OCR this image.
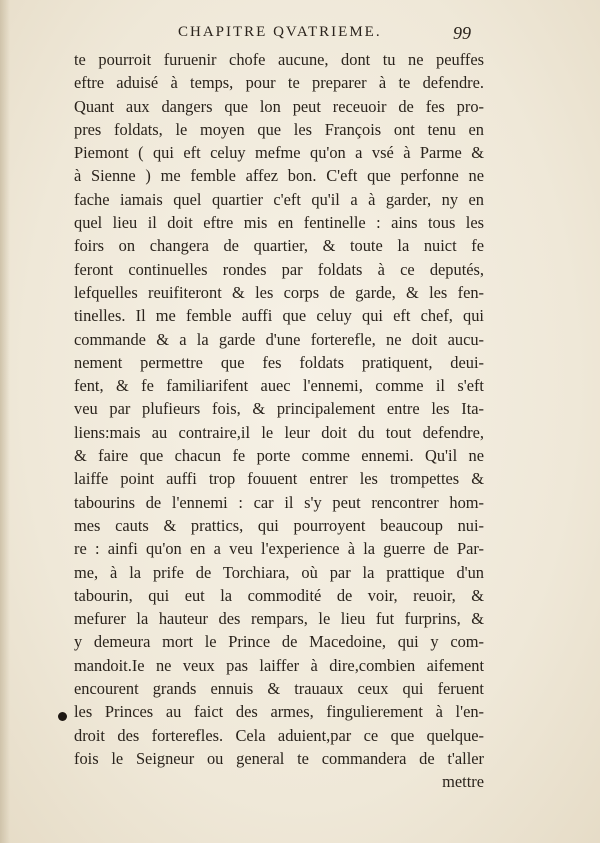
CHAPITRE QVATRIEME.	99
te pourroit furuenir chofe aucune, dont tu ne peuffes
eftre aduisé à temps, pour te preparer à te defendre.
Quant aux dangers que lon peut receuoir de fes pro-
pres foldats, le moyen que les François ont tenu en
Piemont ( qui eft celuy mefme qu'on a vsé à Parme &
à Sienne ) me femble affez bon. C'eft que perfonne ne
fache iamais quel quartier c'eft qu'il a à garder, ny en
quel lieu il doit eftre mis en fentinelle : ains tous les
foirs on changera de quartier, & toute la nuict fe
feront continuelles rondes par foldats à ce deputés,
lefquelles reuifiteront & les corps de garde, & les fen-
tinelles. Il me femble auffi que celuy qui eft chef, qui
commande & a la garde d'une forterefle, ne doit aucu-
nement permettre que fes foldats pratiquent, deui-
fent, & fe familiarifent auec l'ennemi, comme il s'eft
veu par plufieurs fois, & principalement entre les Ita-
liens:mais au contraire,il le leur doit du tout defendre,
& faire que chacun fe porte comme ennemi. Qu'il ne
laiffe point auffi trop fouuent entrer les trompettes &
tabourins de l'ennemi : car il s'y peut rencontrer hom-
mes cauts & prattics, qui pourroyent beaucoup nui-
re : ainfi qu'on en a veu l'experience à la guerre de Par-
me, à la prife de Torchiara, où par la prattique d'un
tabourin, qui eut la commodité de voir, reuoir, &
mefurer la hauteur des rempars, le lieu fut furprins, &
y demeura mort le Prince de Macedoine, qui y com-
mandoit.Ie ne veux pas laiffer à dire,combien aifement
encourent grands ennuis & trauaux ceux qui feruent
les Princes au faict des armes, fingulierement à l'en-
droit des forterefles. Cela aduient,par ce que quelque-
fois le Seigneur ou general te commandera de t'aller
mettre
